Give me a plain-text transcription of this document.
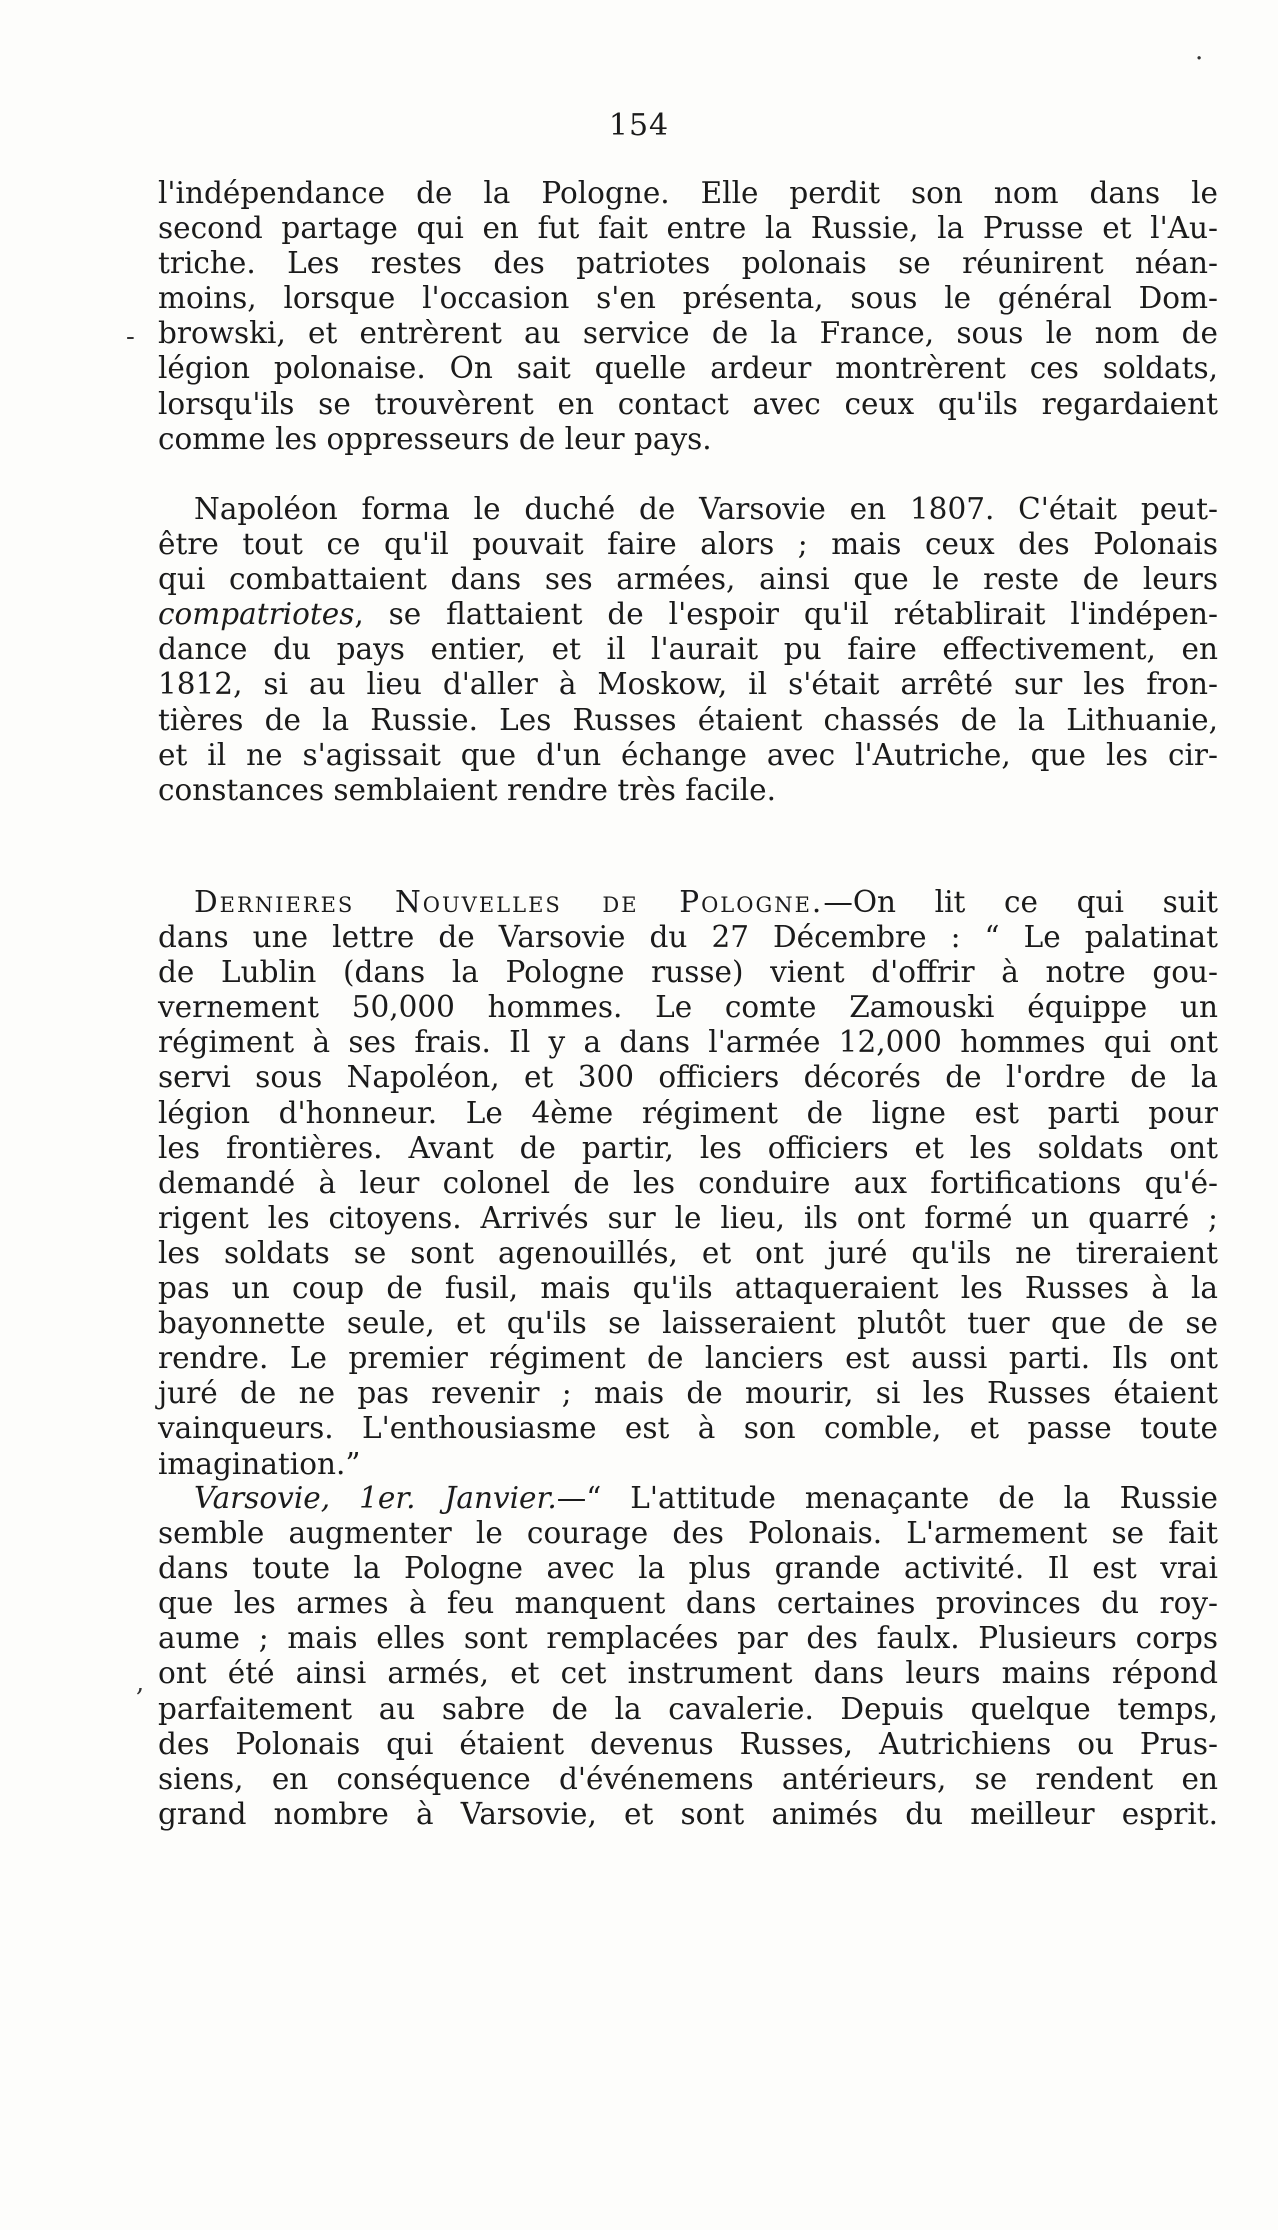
154
l'indépendance de la Pologne. Elle perdit son nom dans le
second partage qui en fut fait entre la Russie, la Prusse et l'Au-
triche. Les restes des patriotes polonais se réunirent néan-
moins, lorsque l'occasion s'en présenta, sous le général Dom-
browski, et entrèrent au service de la France, sous le nom de
légion polonaise. On sait quelle ardeur montrèrent ces soldats,
lorsqu'ils se trouvèrent en contact avec ceux qu'ils regardaient
comme les oppresseurs de leur pays.
Napoléon forma le duché de Varsovie en 1807. C'était peut-
être tout ce qu'il pouvait faire alors ; mais ceux des Polonais
qui combattaient dans ses armées, ainsi que le reste de leurs
compatriotes, se flattaient de l'espoir qu'il rétablirait l'indépen-
dance du pays entier, et il l'aurait pu faire effectivement, en
1812, si au lieu d'aller à Moskow, il s'était arrêté sur les fron-
tières de la Russie. Les Russes étaient chassés de la Lithuanie,
et il ne s'agissait que d'un échange avec l'Autriche, que les cir-
constances semblaient rendre très facile.
Dernieres Nouvelles de Pologne.—On lit ce qui suit
dans une lettre de Varsovie du 27 Décembre : “ Le palatinat
de Lublin (dans la Pologne russe) vient d'offrir à notre gou-
vernement 50,000 hommes. Le comte Zamouski équippe un
régiment à ses frais. Il y a dans l'armée 12,000 hommes qui ont
servi sous Napoléon, et 300 officiers décorés de l'ordre de la
légion d'honneur. Le 4ème régiment de ligne est parti pour
les frontières. Avant de partir, les officiers et les soldats ont
demandé à leur colonel de les conduire aux fortifications qu'é-
rigent les citoyens. Arrivés sur le lieu, ils ont formé un quarré ;
les soldats se sont agenouillés, et ont juré qu'ils ne tireraient
pas un coup de fusil, mais qu'ils attaqueraient les Russes à la
bayonnette seule, et qu'ils se laisseraient plutôt tuer que de se
rendre. Le premier régiment de lanciers est aussi parti. Ils ont
juré de ne pas revenir ; mais de mourir, si les Russes étaient
vainqueurs. L'enthousiasme est à son comble, et passe toute
imagination.”
Varsovie, 1er. Janvier.—“ L'attitude menaçante de la Russie
semble augmenter le courage des Polonais. L'armement se fait
dans toute la Pologne avec la plus grande activité. Il est vrai
que les armes à feu manquent dans certaines provinces du roy-
aume ; mais elles sont remplacées par des faulx. Plusieurs corps
ont été ainsi armés, et cet instrument dans leurs mains répond
parfaitement au sabre de la cavalerie. Depuis quelque temps,
des Polonais qui étaient devenus Russes, Autrichiens ou Prus-
siens, en conséquence d'événemens antérieurs, se rendent en
grand nombre à Varsovie, et sont animés du meilleur esprit.
·
-
,
